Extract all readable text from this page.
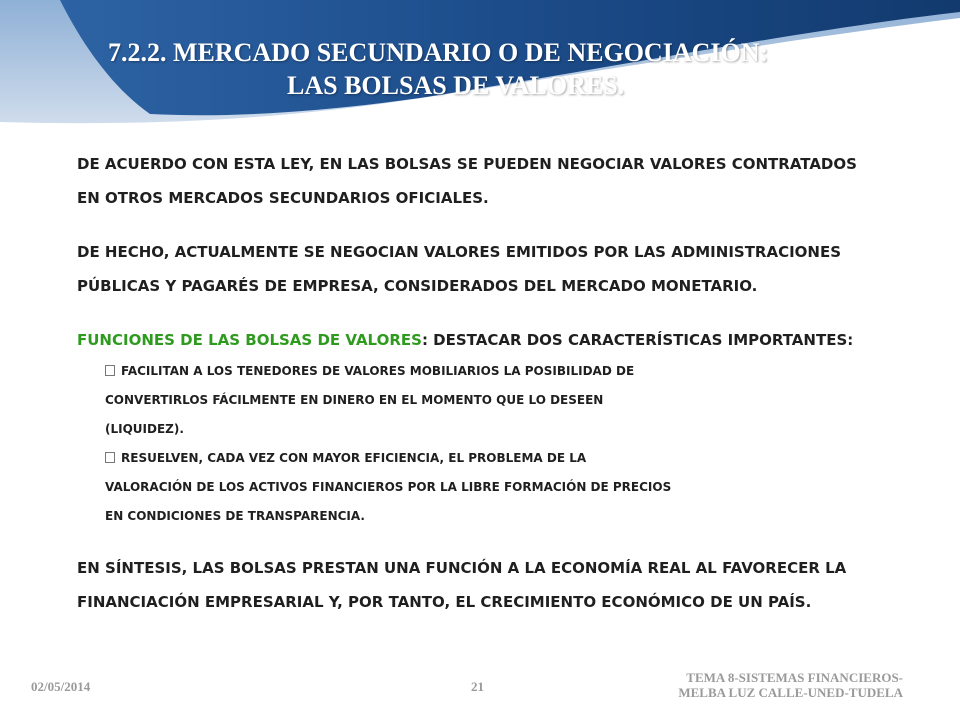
7.2.2. MERCADO SECUNDARIO O DE NEGOCIACIÓN:
LAS BOLSAS DE VALORES.

DE ACUERDO CON ESTA LEY, EN LAS BOLSAS SE PUEDEN NEGOCIAR VALORES CONTRATADOS

EN OTROS MERCADOS SECUNDARIOS OFICIALES.

DE HECHO, ACTUALMENTE SE NEGOCIAN VALORES EMITIDOS POR LAS ADMINISTRACIONES

PÚBLICAS Y PAGARÉS DE EMPRESA, CONSIDERADOS DEL MERCADO MONETARIO.

FUNCIONES DE LAS BOLSAS DE VALORES: DESTACAR DOS CARACTERÍSTICAS IMPORTANTES:

FACILITAN A LOS TENEDORES DE VALORES MOBILIARIOS LA POSIBILIDAD DE

CONVERTIRLOS FÁCILMENTE EN DINERO EN EL MOMENTO QUE LO DESEEN

(LIQUIDEZ).

RESUELVEN, CADA VEZ CON MAYOR EFICIENCIA, EL PROBLEMA DE LA

VALORACIÓN DE LOS ACTIVOS FINANCIEROS POR LA LIBRE FORMACIÓN DE PRECIOS

EN CONDICIONES DE TRANSPARENCIA.

EN SÍNTESIS, LAS BOLSAS PRESTAN UNA FUNCIÓN A LA ECONOMÍA REAL AL FAVORECER LA

FINANCIACIÓN EMPRESARIAL Y, POR TANTO, EL CRECIMIENTO ECONÓMICO DE UN PAÍS.

02/05/2014	21
TEMA 8-SISTEMAS FINANCIEROS-
MELBA LUZ CALLE-UNED-TUDELA
